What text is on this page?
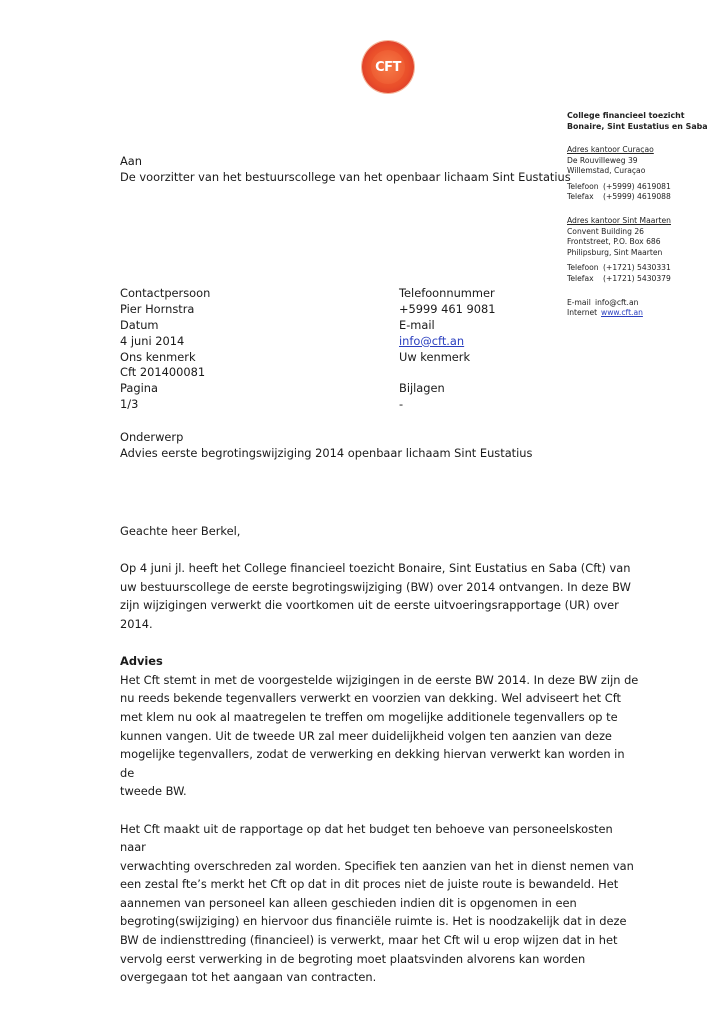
CFT
College financieel toezicht Bonaire, Sint Eustatius en Saba
Adres kantoor Curaçao
De Rouvilleweg 39
Willemstad, Curaçao
Telefoon (+5999) 4619081
Telefax	(+5999) 4619088
Adres kantoor Sint Maarten
Convent Building 26
Frontstreet, P.O. Box 686
Philipsburg, Sint Maarten
Telefoon (+1721) 5430331
Telefax	(+1721) 5430379
E-mail info@cft.an
Internet www.cft.an
Aan
De voorzitter van het bestuurscollege van het openbaar lichaam Sint Eustatius
Contactpersoon	Telefoonnummer
Pier Hornstra	+5999 461 9081
Datum	E-mail
4 juni 2014	info@cft.an
Ons kenmerk	Uw kenmerk
Cft 201400081
Pagina	Bijlagen
1/3	-
Onderwerp
Advies eerste begrotingswijziging 2014 openbaar lichaam Sint Eustatius

Geachte heer Berkel,

Op 4 juni jl. heeft het College financieel toezicht Bonaire, Sint Eustatius en Saba (Cft) van

uw bestuurscollege de eerste begrotingswijziging (BW) over 2014 ontvangen. In deze BW

zijn wijzigingen verwerkt die voortkomen uit de eerste uitvoeringsrapportage (UR) over

2014.

Advies

Het Cft stemt in met de voorgestelde wijzigingen in de eerste BW 2014. In deze BW zijn de

nu reeds bekende tegenvallers verwerkt en voorzien van dekking. Wel adviseert het Cft

met klem nu ook al maatregelen te treffen om mogelijke additionele tegenvallers op te

kunnen vangen. Uit de tweede UR zal meer duidelijkheid volgen ten aanzien van deze

mogelijke tegenvallers, zodat de verwerking en dekking hiervan verwerkt kan worden in de

tweede BW.

Het Cft maakt uit de rapportage op dat het budget ten behoeve van personeelskosten naar

verwachting overschreden zal worden. Specifiek ten aanzien van het in dienst nemen van

een zestal fte’s merkt het Cft op dat in dit proces niet de juiste route is bewandeld. Het

aannemen van personeel kan alleen geschieden indien dit is opgenomen in een

begroting(swijziging) en hiervoor dus financiële ruimte is. Het is noodzakelijk dat in deze

BW de indiensttreding (financieel) is verwerkt, maar het Cft wil u erop wijzen dat in het

vervolg eerst verwerking in de begroting moet plaatsvinden alvorens kan worden

overgegaan tot het aangaan van contracten.
